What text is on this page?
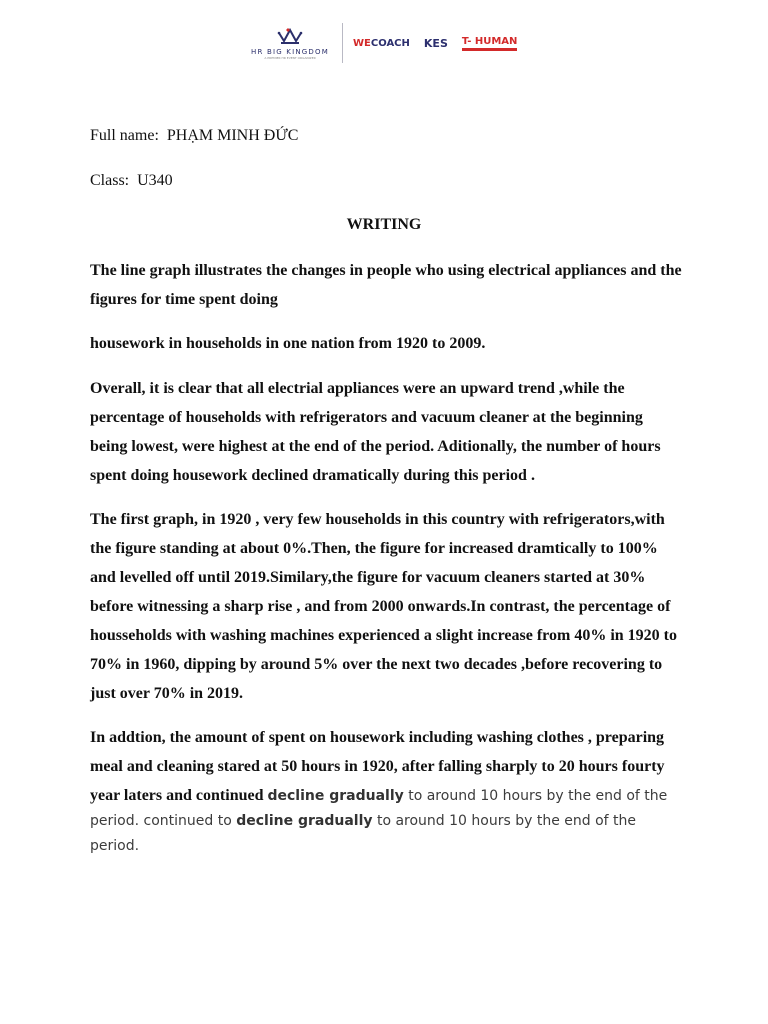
HR BIG KINGDOM
A PREMIER HR EVENT ORGANIZER
WECOACH KES T- HUMAN

Full name: PHẠM MINH ĐỨC

Class: U340

WRITING

The line graph illustrates the changes in people who using electrical appliances and the figures for time spent doing

housework in households in one nation from 1920 to 2009.

Overall, it is clear that all electrial appliances were an upward trend ,while the percentage of households with refrigerators and vacuum cleaner at the beginning being lowest, were highest at the end of the period. Aditionally, the number of hours spent doing housework declined dramatically during this period .

The first graph, in 1920 , very few households in this country with refrigerators,with the figure standing at about 0%.Then, the figure for increased dramtically to 100% and levelled off until 2019.Similary,the figure for vacuum cleaners started at 30% before witnessing a sharp rise , and from 2000 onwards.In contrast, the percentage of housseholds with washing machines experienced a slight increase from 40% in 1920 to 70% in 1960, dipping by around 5% over the next two decades ,before recovering to just over 70% in 2019.

In addtion, the amount of spent on housework including washing clothes , preparing meal and cleaning stared at 50 hours in 1920, after falling sharply to 20 hours fourty year laters and continued decline gradually to around 10 hours by the end of the

period. continued to decline gradually to around 10 hours by the end of the
period.
